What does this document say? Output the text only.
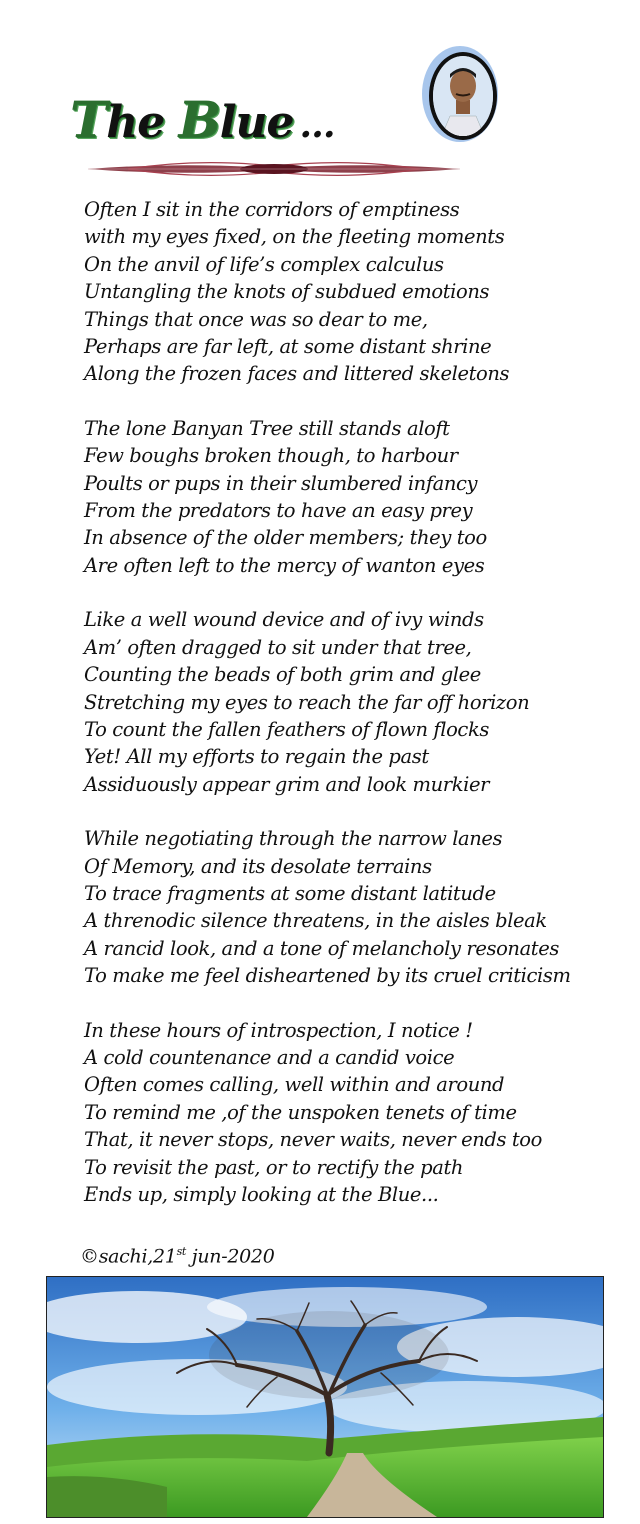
The Blue …
Often I sit in the corridors of emptiness
with my eyes fixed, on the fleeting moments
On the anvil of life’s complex calculus
Untangling the knots of subdued emotions
Things that once was so dear to me,
Perhaps are far left, at some distant shrine
Along the frozen faces and littered skeletons
The lone Banyan Tree still stands aloft
Few boughs broken though, to harbour
Poults or pups in their slumbered infancy
From the predators to have an easy prey
In absence of the older members; they too
Are often left to the mercy of wanton eyes
Like a well wound device and of ivy winds
Am’ often dragged to sit under that tree,
Counting the beads of both grim and glee
Stretching my eyes to reach the far off horizon
To count the fallen feathers of flown flocks
Yet! All my efforts to regain the past
Assiduously appear grim and look murkier
While negotiating through the narrow lanes
Of Memory, and its desolate terrains
To trace fragments at some distant latitude
A threnodic silence threatens, in the aisles bleak
A rancid look, and a tone of melancholy resonates
To make me feel disheartened by its cruel criticism
In these hours of introspection, I notice !
A cold countenance and a candid voice
Often comes calling, well within and around
To remind me ,of the unspoken tenets of time
That, it never stops, never waits, never ends too
To revisit the past, or to rectify the path
Ends up, simply looking at the Blue...
©sachi,21st jun-2020
